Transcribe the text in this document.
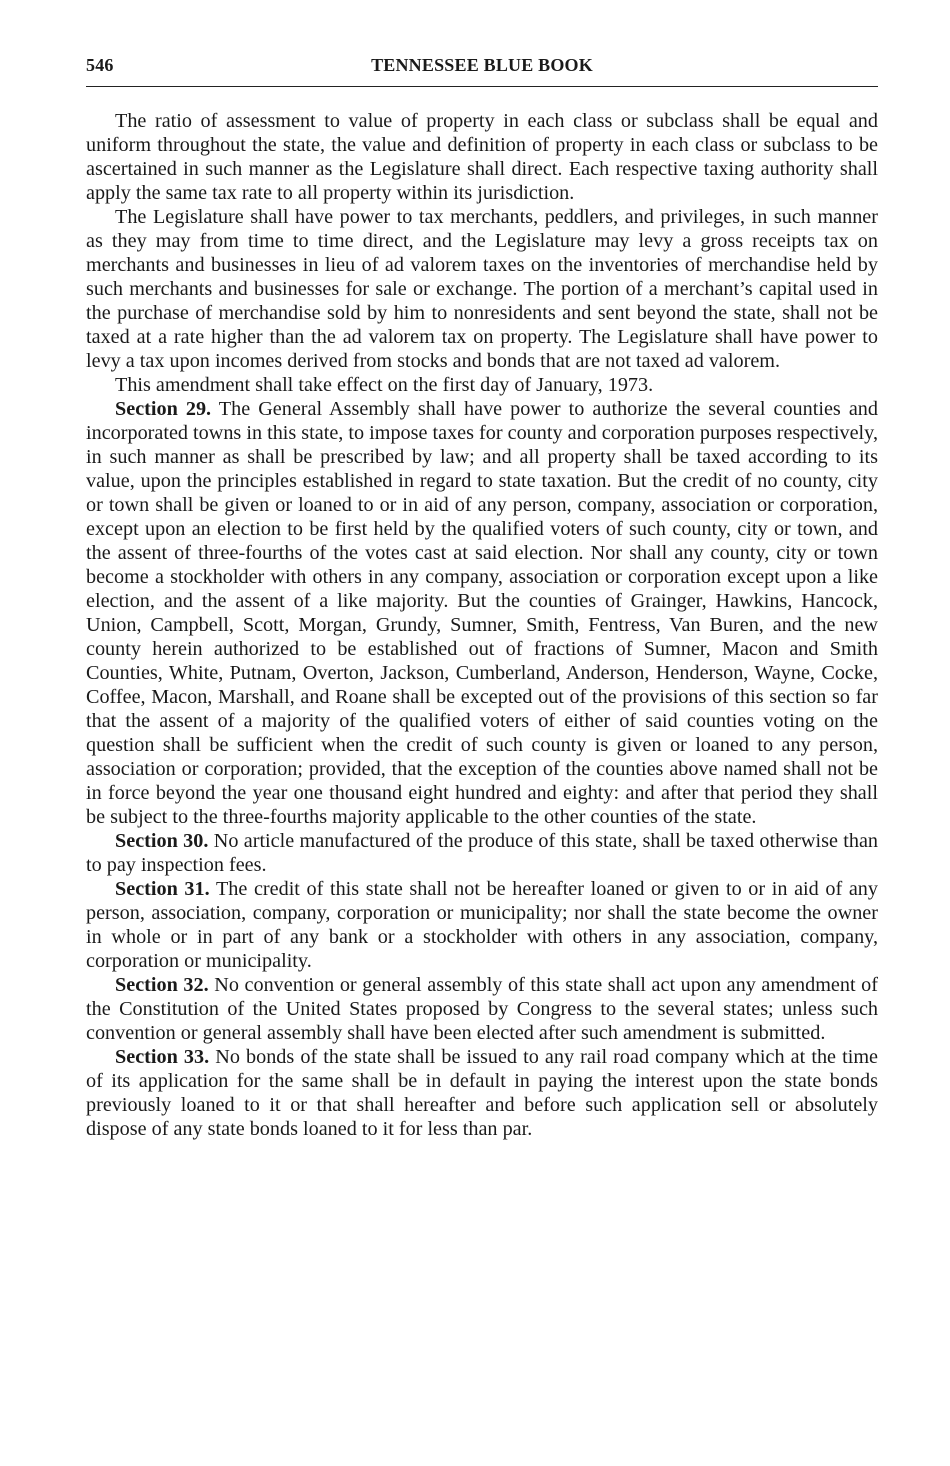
546	TENNESSEE BLUE BOOK

The ratio of assessment to value of property in each class or subclass shall be equal and uniform throughout the state, the value and definition of property in each class or subclass to be ascertained in such manner as the Legislature shall direct. Each respective taxing authority shall apply the same tax rate to all property within its jurisdiction.

The Legislature shall have power to tax merchants, peddlers, and privileges, in such manner as they may from time to time direct, and the Legislature may levy a gross receipts tax on merchants and businesses in lieu of ad valorem taxes on the inventories of merchandise held by such merchants and businesses for sale or exchange. The portion of a merchant’s capital used in the purchase of merchandise sold by him to nonresidents and sent beyond the state, shall not be taxed at a rate higher than the ad valorem tax on property. The Legislature shall have power to levy a tax upon incomes derived from stocks and bonds that are not taxed ad valorem.

This amendment shall take effect on the first day of January, 1973.

Section 29. The General Assembly shall have power to authorize the several counties and incorporated towns in this state, to impose taxes for county and corporation purposes respectively, in such manner as shall be prescribed by law; and all property shall be taxed according to its value, upon the principles established in regard to state taxation. But the credit of no county, city or town shall be given or loaned to or in aid of any person, company, association or corporation, except upon an election to be first held by the qualified voters of such county, city or town, and the assent of three-fourths of the votes cast at said election. Nor shall any county, city or town become a stockholder with others in any company, association or corporation except upon a like election, and the assent of a like majority. But the counties of Grainger, Hawkins, Hancock, Union, Campbell, Scott, Morgan, Grundy, Sumner, Smith, Fentress, Van Buren, and the new county herein authorized to be established out of fractions of Sumner, Macon and Smith Counties, White, Putnam, Overton, Jackson, Cumberland, Anderson, Henderson, Wayne, Cocke, Coffee, Macon, Marshall, and Roane shall be excepted out of the provisions of this section so far that the assent of a majority of the qualified voters of either of said counties voting on the question shall be sufficient when the credit of such county is given or loaned to any person, association or corporation; provided, that the exception of the counties above named shall not be in force beyond the year one thousand eight hundred and eighty: and after that period they shall be subject to the three-fourths majority applicable to the other counties of the state.

Section 30. No article manufactured of the produce of this state, shall be taxed otherwise than to pay inspection fees.

Section 31. The credit of this state shall not be hereafter loaned or given to or in aid of any person, association, company, corporation or municipality; nor shall the state become the owner in whole or in part of any bank or a stockholder with others in any association, company, corporation or municipality.

Section 32. No convention or general assembly of this state shall act upon any amendment of the Constitution of the United States proposed by Congress to the several states; unless such convention or general assembly shall have been elected after such amendment is submitted.

Section 33. No bonds of the state shall be issued to any rail road company which at the time of its application for the same shall be in default in paying the interest upon the state bonds previously loaned to it or that shall hereafter and before such application sell or absolutely dispose of any state bonds loaned to it for less than par.
